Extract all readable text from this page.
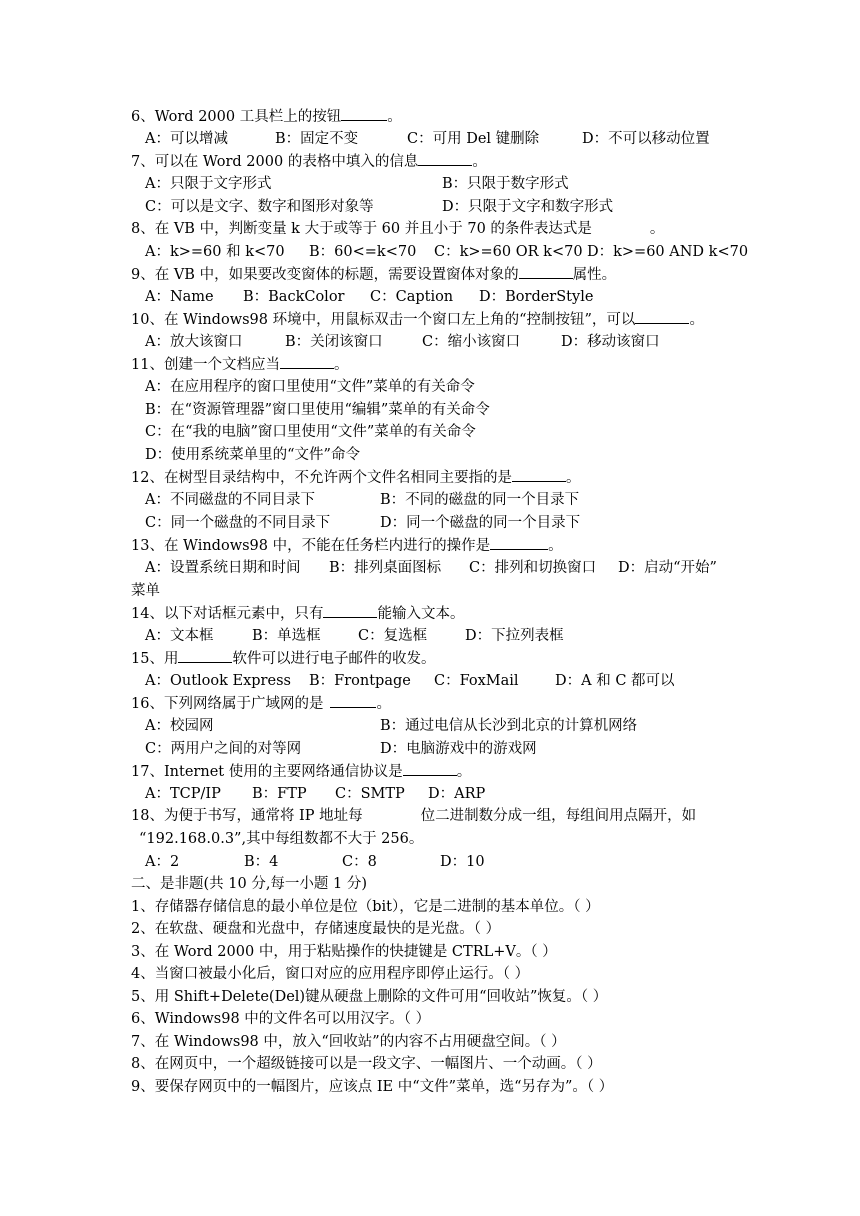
6、Word 2000 工具栏上的按钮	。
A：可以增减	B：固定不变	C：可用 Del 键删除	D：不可以移动位置
7、可以在 Word 2000 的表格中填入的信息	。
A：只限于文字形式	B：只限于数字形式
C：可以是文字、数字和图形对象等	D：只限于文字和数字形式
8、在 VB 中，判断变量 k 大于或等于 60 并且小于 70 的条件表达式是	。
A：k>=60 和 k<70 B：60<=k<70 C：k>=60 OR k<70 D：k>=60 AND k<70
9、在 VB 中，如果要改变窗体的标题，需要设置窗体对象的	属性。
A：Name B：BackColor C：Caption D：BorderStyle
10、在 Windows98 环境中，用鼠标双击一个窗口左上角的“控制按钮”，可以	。
A：放大该窗口	B：关闭该窗口	C：缩小该窗口	D：移动该窗口
11、创建一个文档应当	。
A：在应用程序的窗口里使用“文件”菜单的有关命令
B：在“资源管理器”窗口里使用“编辑”菜单的有关命令
C：在“我的电脑”窗口里使用“文件”菜单的有关命令
D：使用系统菜单里的“文件”命令
12、在树型目录结构中，不允许两个文件名相同主要指的是	。
A：不同磁盘的不同目录下	B：不同的磁盘的同一个目录下
C：同一个磁盘的不同目录下	D：同一个磁盘的同一个目录下
13、在 Windows98 中，不能在任务栏内进行的操作是	。
A：设置系统日期和时间 B：排列桌面图标 C：排列和切换窗口 D：启动“开始”
菜单
14、以下对话框元素中，只有	能输入文本。
A：文本框	B：单选框	C：复选框	D：下拉列表框
15、用	软件可以进行电子邮件的收发。
A：Outlook Express B：Frontpage C：FoxMail	D：A 和 C 都可以
16、下列网络属于广域网的是	。
A：校园网	B：通过电信从长沙到北京的计算机网络
C：两用户之间的对等网	D：电脑游戏中的游戏网
17、Internet 使用的主要网络通信协议是	。
A：TCP/IP B：FTP C：SMTP D：ARP
18、为便于书写，通常将 IP 地址每	位二进制数分成一组，每组间用点隔开，如
“192.168.0.3”,其中每组数都不大于 256。
A：2	B：4	C：8	D：10
二、是非题(共 10 分,每一小题 1 分)
1、存储器存储信息的最小单位是位（bit），它是二进制的基本单位。（ ）
2、在软盘、硬盘和光盘中，存储速度最快的是光盘。（ ）
3、在 Word 2000 中，用于粘贴操作的快捷键是 CTRL+V。（ ）
4、当窗口被最小化后，窗口对应的应用程序即停止运行。（ ）
5、用 Shift+Delete(Del)键从硬盘上删除的文件可用“回收站”恢复。（ ）
6、Windows98 中的文件名可以用汉字。（ ）
7、在 Windows98 中，放入“回收站”的内容不占用硬盘空间。（ ）
8、在网页中，一个超级链接可以是一段文字、一幅图片、一个动画。（ ）
9、要保存网页中的一幅图片，应该点 IE 中“文件”菜单，选“另存为”。（ ）
